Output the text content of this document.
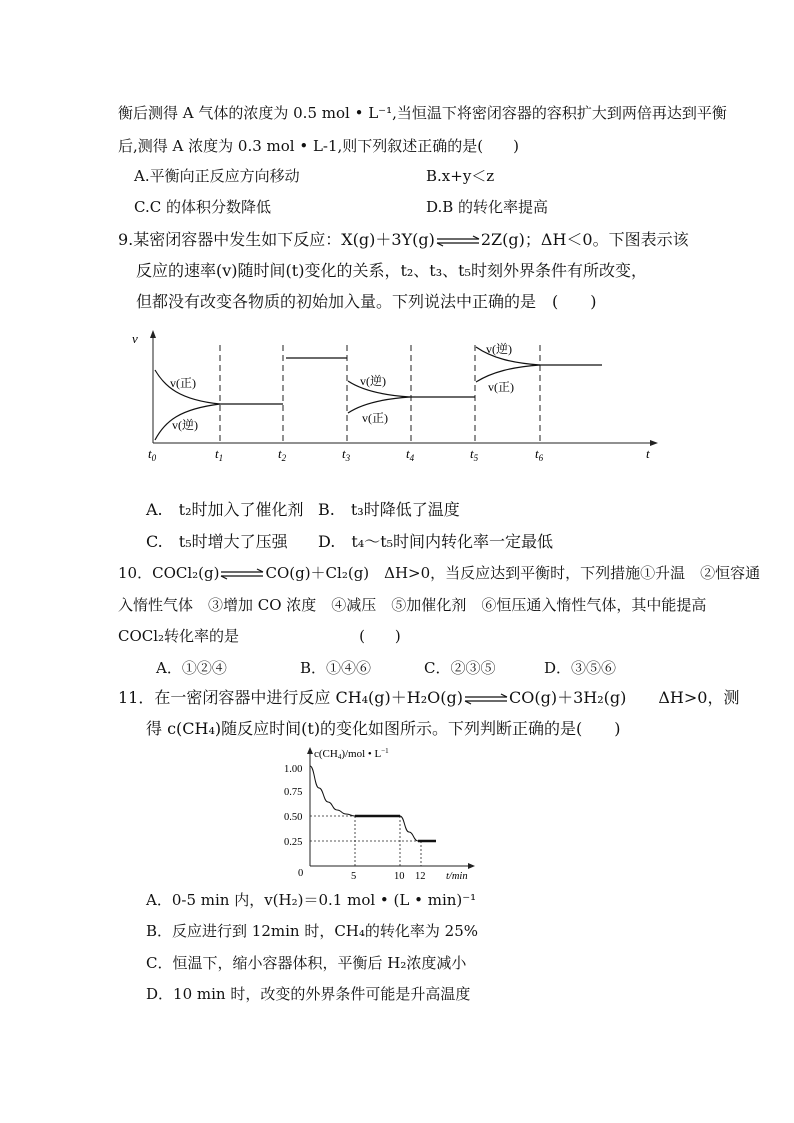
衡后测得 A 气体的浓度为 0.5 mol • L⁻¹,当恒温下将密闭容器的容积扩大到两倍再达到平衡
后,测得 A 浓度为 0.3 mol • L-1,则下列叙述正确的是(　　)
A.平衡向正反应方向移动	B.x+y＜z
C.C 的体积分数降低	D.B 的转化率提高
9.某密闭容器中发生如下反应：X(g)＋3Y(g)⇌2Z(g)；ΔH＜0。下图表示该
反应的速率(v)随时间(t)变化的关系，t₂、t₃、t₅时刻外界条件有所改变，
但都没有改变各物质的初始加入量。下列说法中正确的是　(　　)
v
v(正)
v(逆)
v(逆)
v(正)
v(逆)
v(正)
$t_0$	$t_1$	$t_2$	$t_3$	$t_4$	$t_5$	$t_6$	t
A.　t₂时加入了催化剂 B.　t₃时降低了温度
C.　t₅时增大了压强 D.　t₄～t₅时间内转化率一定最低
10．COCl₂(g)⇌CO(g)＋Cl₂(g)　ΔH>0，当反应达到平衡时，下列措施①升温　②恒容通
入惰性气体　③增加 CO 浓度　④减压　⑤加催化剂　⑥恒压通入惰性气体，其中能提高
COCl₂转化率的是　　　　　　　　(　　)
A．①②④	B．①④⑥	C．②③⑤	D．③⑤⑥
11．在一密闭容器中进行反应 CH₄(g)＋H₂O(g)⇌CO(g)＋3H₂(g)　　ΔH>0，测
得 c(CH₄)随反应时间(t)的变化如图所示。下列判断正确的是(　　)
c(CH4)/mol • $L^{-1}$
1.00
0.75
0.50
0.25
0	5	10 12 t/min
A．0-5 min 内，v(H₂)＝0.1 mol • (L • min)⁻¹
B．反应进行到 12min 时，CH₄的转化率为 25%
C．恒温下，缩小容器体积，平衡后 H₂浓度减小
D．10 min 时，改变的外界条件可能是升高温度
